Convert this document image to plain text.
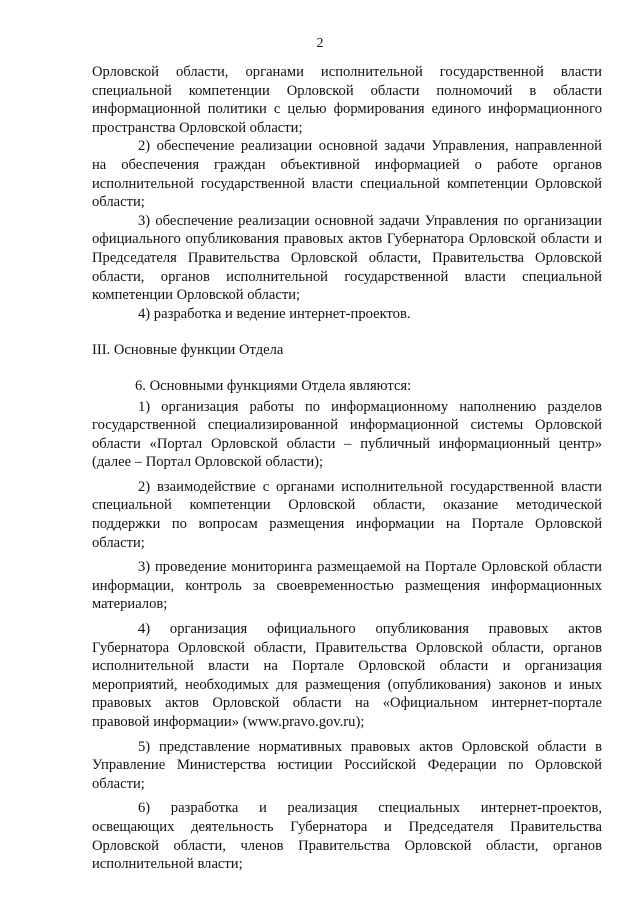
2

Орловской области, органами исполнительной государственной власти специальной компетенции Орловской области полномочий в области информационной политики с целью формирования единого информационного пространства Орловской области;

2) обеспечение реализации основной задачи Управления, направленной на обеспечения граждан объективной информацией о работе органов исполнительной государственной власти специальной компетенции Орловской области;

3) обеспечение реализации основной задачи Управления по организации официального опубликования правовых актов Губернатора Орловской области и Председателя Правительства Орловской области, Правительства Орловской области, органов исполнительной государственной власти специальной компетенции Орловской области;

4) разработка и ведение интернет-проектов.

III. Основные функции Отдела

6. Основными функциями Отдела являются:

1) организация работы по информационному наполнению разделов государственной специализированной информационной системы Орловской области «Портал Орловской области – публичный информационный центр» (далее – Портал Орловской области);

2) взаимодействие с органами исполнительной государственной власти специальной компетенции Орловской области, оказание методической поддержки по вопросам размещения информации на Портале Орловской области;

3) проведение мониторинга размещаемой на Портале Орловской области информации, контроль за своевременностью размещения информационных материалов;

4) организация официального опубликования правовых актов Губернатора Орловской области, Правительства Орловской области, органов исполнительной власти на Портале Орловской области и организация мероприятий, необходимых для размещения (опубликования) законов и иных правовых актов Орловской области на «Официальном интернет-портале правовой информации» (www.pravo.gov.ru);

5) представление нормативных правовых актов Орловской области в Управление Министерства юстиции Российской Федерации по Орловской области;

6) разработка и реализация специальных интернет-проектов, освещающих деятельность Губернатора и Председателя Правительства Орловской области, членов Правительства Орловской области, органов исполнительной власти;
